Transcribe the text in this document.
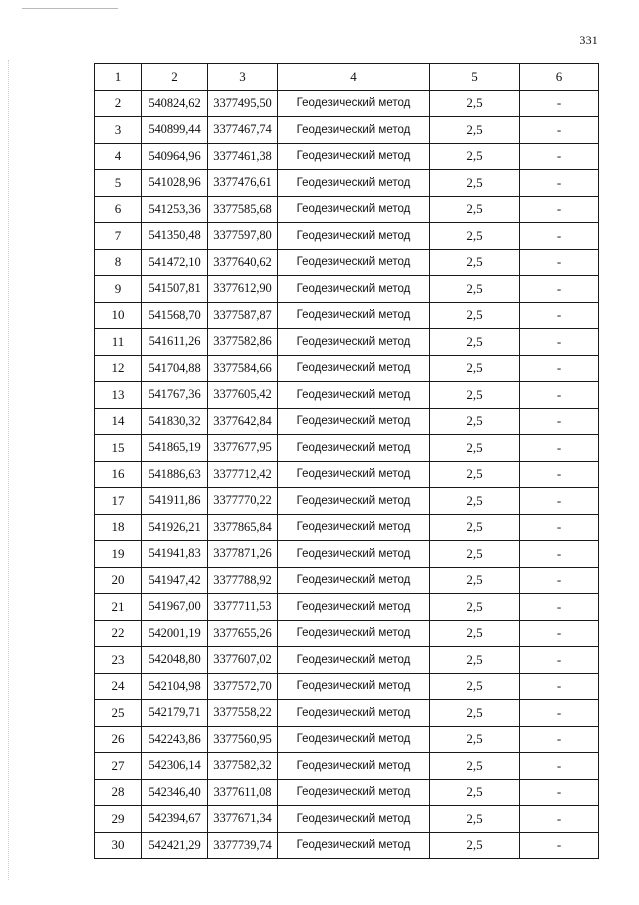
331
1	2	3	4	5	6
2	540824,62	3377495,50	Геодезический метод	2,5	-
3	540899,44	3377467,74	Геодезический метод	2,5	-
4	540964,96	3377461,38	Геодезический метод	2,5	-
5	541028,96	3377476,61	Геодезический метод	2,5	-
6	541253,36	3377585,68	Геодезический метод	2,5	-
7	541350,48	3377597,80	Геодезический метод	2,5	-
8	541472,10	3377640,62	Геодезический метод	2,5	-
9	541507,81	3377612,90	Геодезический метод	2,5	-
10	541568,70	3377587,87	Геодезический метод	2,5	-
11	541611,26	3377582,86	Геодезический метод	2,5	-
12	541704,88	3377584,66	Геодезический метод	2,5	-
13	541767,36	3377605,42	Геодезический метод	2,5	-
14	541830,32	3377642,84	Геодезический метод	2,5	-
15	541865,19	3377677,95	Геодезический метод	2,5	-
16	541886,63	3377712,42	Геодезический метод	2,5	-
17	541911,86	3377770,22	Геодезический метод	2,5	-
18	541926,21	3377865,84	Геодезический метод	2,5	-
19	541941,83	3377871,26	Геодезический метод	2,5	-
20	541947,42	3377788,92	Геодезический метод	2,5	-
21	541967,00	3377711,53	Геодезический метод	2,5	-
22	542001,19	3377655,26	Геодезический метод	2,5	-
23	542048,80	3377607,02	Геодезический метод	2,5	-
24	542104,98	3377572,70	Геодезический метод	2,5	-
25	542179,71	3377558,22	Геодезический метод	2,5	-
26	542243,86	3377560,95	Геодезический метод	2,5	-
27	542306,14	3377582,32	Геодезический метод	2,5	-
28	542346,40	3377611,08	Геодезический метод	2,5	-
29	542394,67	3377671,34	Геодезический метод	2,5	-
30	542421,29	3377739,74	Геодезический метод	2,5	-
